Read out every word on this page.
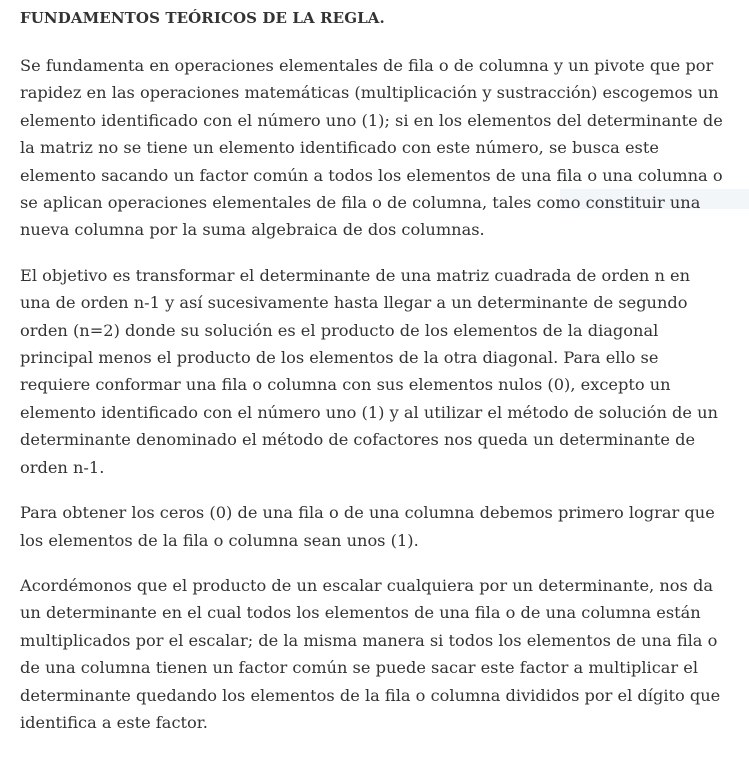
FUNDAMENTOS TEÓRICOS DE LA REGLA.

Se fundamenta en operaciones elementales de fila o de columna y un pivote que por rapidez en las operaciones matemáticas (multiplicación y sustracción) escogemos un elemento identificado con el número uno (1); si en los elementos del determinante de la matriz no se tiene un elemento identificado con este número, se busca este elemento sacando un factor común a todos los elementos de una fila o una columna o se aplican operaciones elementales de fila o de columna, tales como constituir una nueva columna por la suma algebraica de dos columnas.

El objetivo es transformar el determinante de una matriz cuadrada de orden n en una de orden n-1 y así sucesivamente hasta llegar a un determinante de segundo orden (n=2) donde su solución es el producto de los elementos de la diagonal principal menos el producto de los elementos de la otra diagonal. Para ello se requiere conformar una fila o columna con sus elementos nulos (0), excepto un elemento identificado con el número uno (1) y al utilizar el método de solución de un determinante denominado el método de cofactores nos queda un determinante de orden n-1.

Para obtener los ceros (0) de una fila o de una columna debemos primero lograr que los elementos de la fila o columna sean unos (1).

Acordémonos que el producto de un escalar cualquiera por un determinante, nos da un determinante en el cual todos los elementos de una fila o de una columna están multiplicados por el escalar; de la misma manera si todos los elementos de una fila o de una columna tienen un factor común se puede sacar este factor a multiplicar el determinante quedando los elementos de la fila o columna divididos por el dígito que identifica a este factor.
